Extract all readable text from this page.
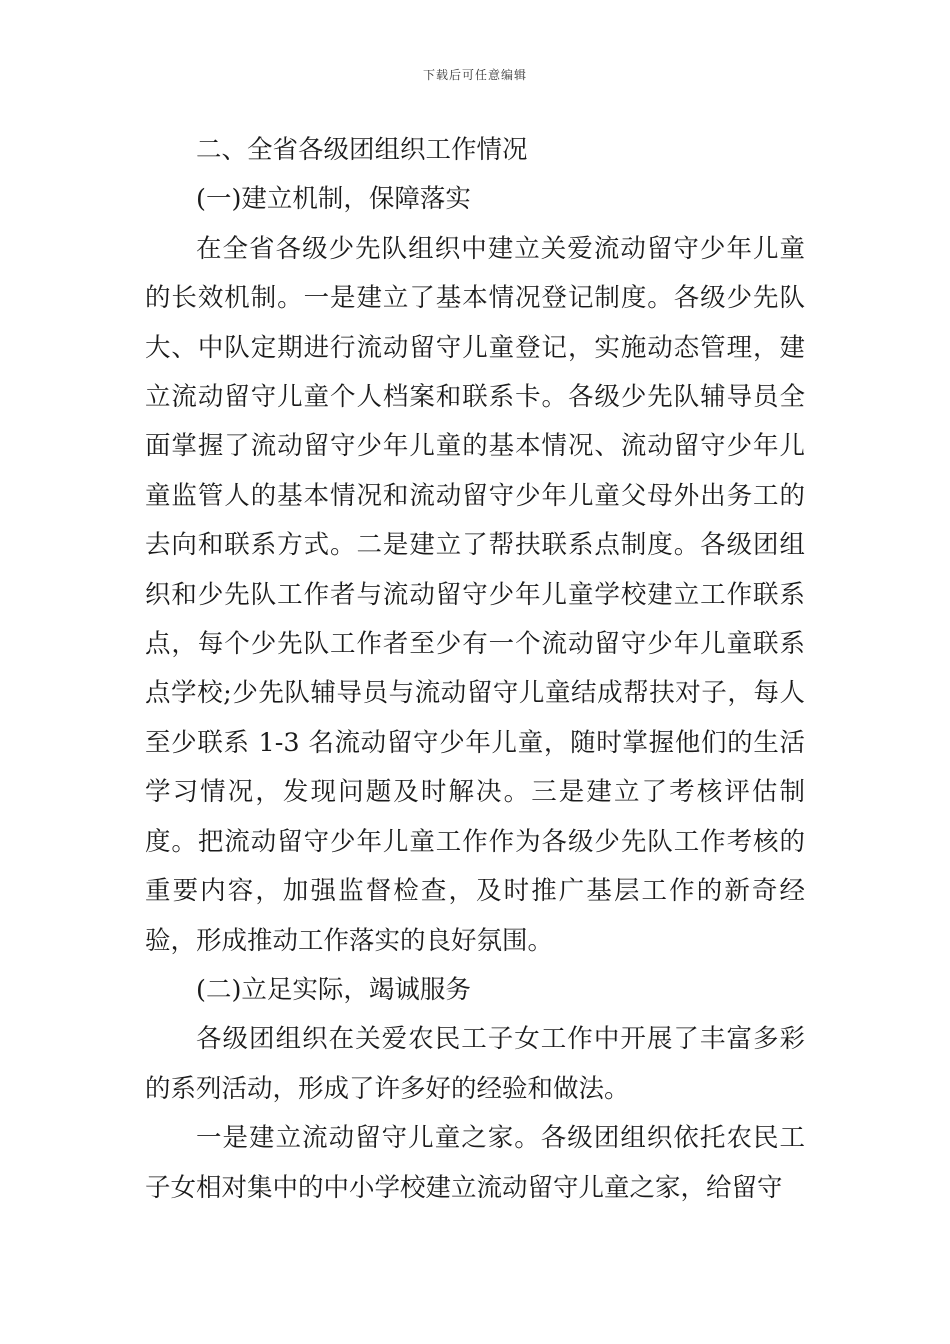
下载后可任意编辑

二、全省各级团组织工作情况

(一)建立机制，保障落实

在全省各级少先队组织中建立关爱流动留守少年儿童的长效机制。一是建立了基本情况登记制度。各级少先队大、中队定期进行流动留守儿童登记，实施动态管理，建立流动留守儿童个人档案和联系卡。各级少先队辅导员全面掌握了流动留守少年儿童的基本情况、流动留守少年儿童监管人的基本情况和流动留守少年儿童父母外出务工的去向和联系方式。二是建立了帮扶联系点制度。各级团组织和少先队工作者与流动留守少年儿童学校建立工作联系点，每个少先队工作者至少有一个流动留守少年儿童联系点学校;少先队辅导员与流动留守儿童结成帮扶对子，每人至少联系 1-3 名流动留守少年儿童，随时掌握他们的生活学习情况，发现问题及时解决。三是建立了考核评估制度。把流动留守少年儿童工作作为各级少先队工作考核的重要内容，加强监督检查，及时推广基层工作的新奇经验，形成推动工作落实的良好氛围。

(二)立足实际，竭诚服务

各级团组织在关爱农民工子女工作中开展了丰富多彩的系列活动，形成了许多好的经验和做法。

一是建立流动留守儿童之家。各级团组织依托农民工子女相对集中的中小学校建立流动留守儿童之家，给留守
